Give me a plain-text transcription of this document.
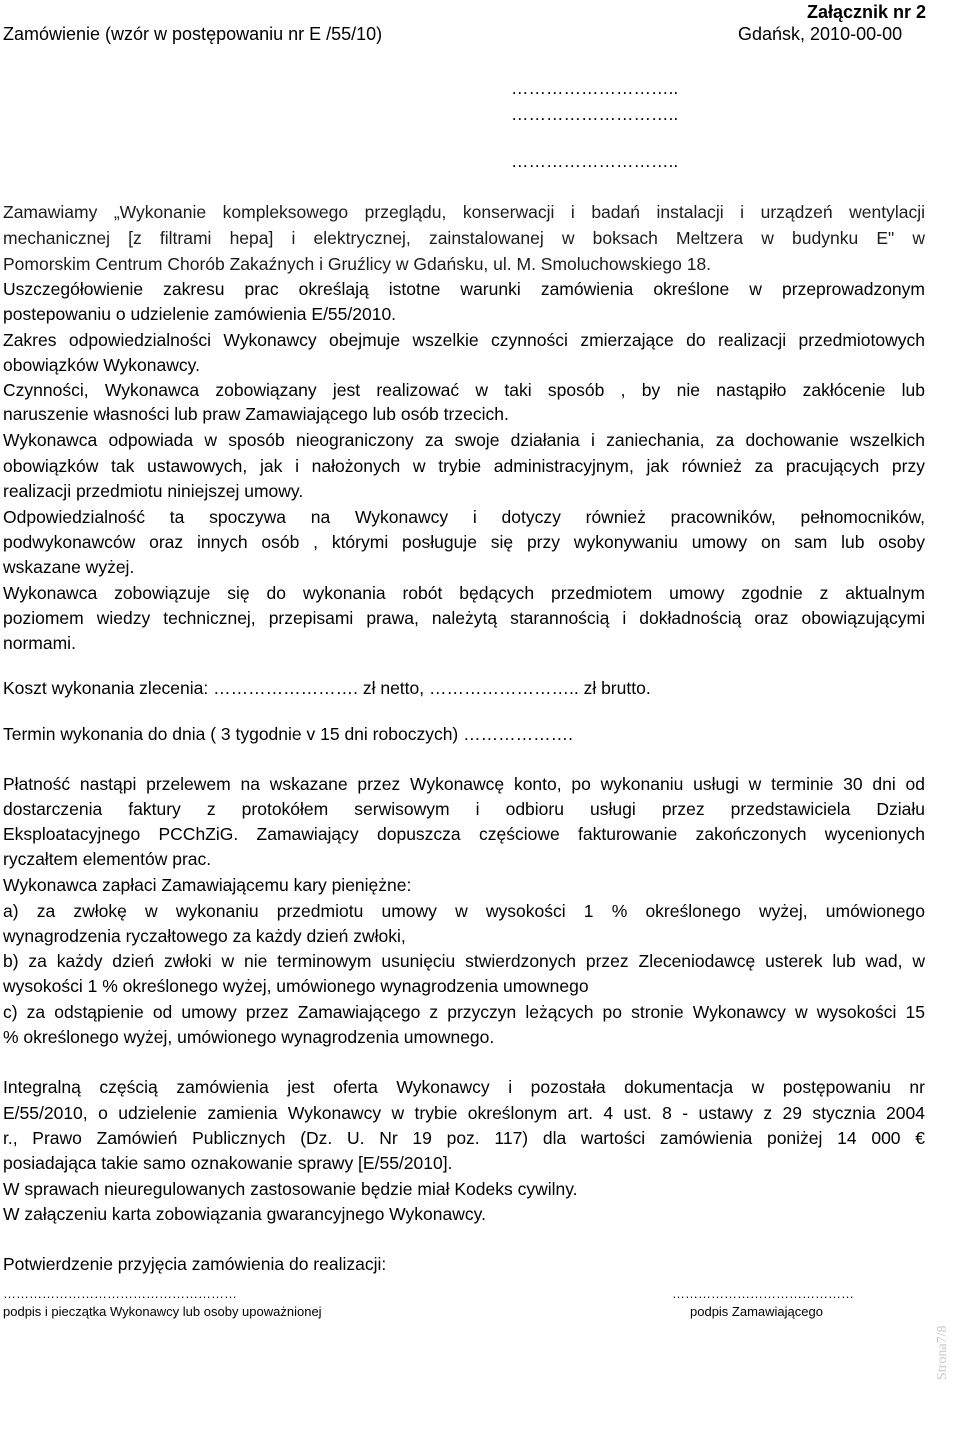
Załącznik nr 2
Zamówienie (wzór w postępowaniu nr E /55/10)	Gdańsk, 2010-00-00
………………………..
………………………..
………………………..
Zamawiamy „Wykonanie kompleksowego przeglądu, konserwacji i badań instalacji i urządzeń wentylacji
mechanicznej [z filtrami hepa] i elektrycznej, zainstalowanej w boksach Meltzera w budynku E" w
Pomorskim Centrum Chorób Zakaźnych i Gruźlicy w Gdańsku, ul. M. Smoluchowskiego 18.
Uszczegółowienie zakresu prac określają istotne warunki zamówienia określone w przeprowadzonym
postepowaniu o udzielenie zamówienia E/55/2010.
Zakres odpowiedzialności Wykonawcy obejmuje wszelkie czynności zmierzające do realizacji przedmiotowych
obowiązków Wykonawcy.
Czynności, Wykonawca zobowiązany jest realizować w taki sposób , by nie nastąpiło zakłócenie lub
naruszenie własności lub praw Zamawiającego lub osób trzecich.
Wykonawca odpowiada w sposób nieograniczony za swoje działania i zaniechania, za dochowanie wszelkich
obowiązków tak ustawowych, jak i nałożonych w trybie administracyjnym, jak również za pracujących przy
realizacji przedmiotu niniejszej umowy.
Odpowiedzialność ta spoczywa na Wykonawcy i dotyczy również pracowników, pełnomocników,
podwykonawców oraz innych osób , którymi posługuje się przy wykonywaniu umowy on sam lub osoby
wskazane wyżej.
Wykonawca zobowiązuje się do wykonania robót będących przedmiotem umowy zgodnie z aktualnym
poziomem wiedzy technicznej, przepisami prawa, należytą starannością i dokładnością oraz obowiązującymi
normami.
Koszt wykonania zlecenia: ……………………. zł netto, …………………….. zł brutto.
Termin wykonania do dnia ( 3 tygodnie v 15 dni roboczych) ……………….
Płatność nastąpi przelewem na wskazane przez Wykonawcę konto, po wykonaniu usługi w terminie 30 dni od
dostarczenia faktury z protokółem serwisowym i odbioru usługi przez przedstawiciela Działu
Eksploatacyjnego PCChZiG. Zamawiający dopuszcza częściowe fakturowanie zakończonych wycenionych
ryczałtem elementów prac.
Wykonawca zapłaci Zamawiającemu kary pieniężne:
a) za zwłokę w wykonaniu przedmiotu umowy w wysokości 1 % określonego wyżej, umówionego
wynagrodzenia ryczałtowego za każdy dzień zwłoki,
b) za każdy dzień zwłoki w nie terminowym usunięciu stwierdzonych przez Zleceniodawcę usterek lub wad, w
wysokości 1 % określonego wyżej, umówionego wynagrodzenia umownego
c) za odstąpienie od umowy przez Zamawiającego z przyczyn leżących po stronie Wykonawcy w wysokości 15
% określonego wyżej, umówionego wynagrodzenia umownego.
Integralną częścią zamówienia jest oferta Wykonawcy i pozostała dokumentacja w postępowaniu nr
E/55/2010, o udzielenie zamienia Wykonawcy w trybie określonym art. 4 ust. 8 - ustawy z 29 stycznia 2004
r., Prawo Zamówień Publicznych (Dz. U. Nr 19 poz. 117) dla wartości zamówienia poniżej 14 000 €
posiadająca takie samo oznakowanie sprawy [E/55/2010].
W sprawach nieuregulowanych zastosowanie będzie miał Kodeks cywilny.
W załączeniu karta zobowiązania gwarancyjnego Wykonawcy.
Potwierdzenie przyjęcia zamówienia do realizacji:
………………………………………………	……………………………………
podpis i pieczątka Wykonawcy lub osoby upoważnionej	podpis Zamawiającego
Strona7/8
